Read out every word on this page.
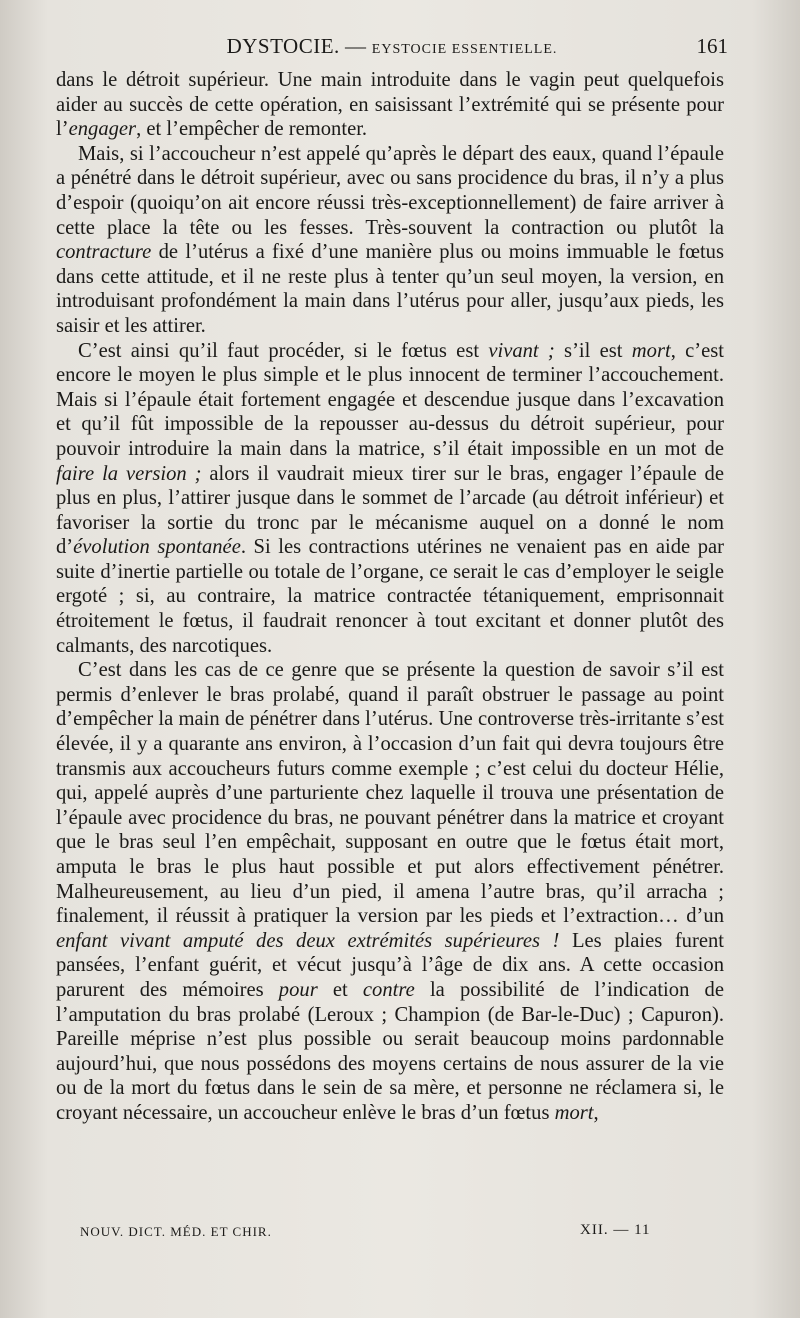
DYSTOCIE. — EYSTOCIE ESSENTIELLE.	161

dans le détroit supérieur. Une main introduite dans le vagin peut quelquefois aider au succès de cette opération, en saisissant l’extrémité qui se présente pour l’engager, et l’empêcher de remonter.

Mais, si l’accoucheur n’est appelé qu’après le départ des eaux, quand l’épaule a pénétré dans le détroit supérieur, avec ou sans procidence du bras, il n’y a plus d’espoir (quoiqu’on ait encore réussi très-exceptionnellement) de faire arriver à cette place la tête ou les fesses. Très-souvent la contraction ou plutôt la contracture de l’utérus a fixé d’une manière plus ou moins immuable le fœtus dans cette attitude, et il ne reste plus à tenter qu’un seul moyen, la version, en introduisant profondément la main dans l’utérus pour aller, jusqu’aux pieds, les saisir et les attirer.

C’est ainsi qu’il faut procéder, si le fœtus est vivant ; s’il est mort, c’est encore le moyen le plus simple et le plus innocent de terminer l’accouchement. Mais si l’épaule était fortement engagée et descendue jusque dans l’excavation et qu’il fût impossible de la repousser au-dessus du détroit supérieur, pour pouvoir introduire la main dans la matrice, s’il était impossible en un mot de faire la version ; alors il vaudrait mieux tirer sur le bras, engager l’épaule de plus en plus, l’attirer jusque dans le sommet de l’arcade (au détroit inférieur) et favoriser la sortie du tronc par le mécanisme auquel on a donné le nom d’évolution spontanée. Si les contractions utérines ne venaient pas en aide par suite d’inertie partielle ou totale de l’organe, ce serait le cas d’employer le seigle ergoté ; si, au contraire, la matrice contractée tétaniquement, emprisonnait étroitement le fœtus, il faudrait renoncer à tout excitant et donner plutôt des calmants, des narcotiques.

C’est dans les cas de ce genre que se présente la question de savoir s’il est permis d’enlever le bras prolabé, quand il paraît obstruer le passage au point d’empêcher la main de pénétrer dans l’utérus. Une controverse très-irritante s’est élevée, il y a quarante ans environ, à l’occasion d’un fait qui devra toujours être transmis aux accoucheurs futurs comme exemple ; c’est celui du docteur Hélie, qui, appelé auprès d’une parturiente chez laquelle il trouva une présentation de l’épaule avec procidence du bras, ne pouvant pénétrer dans la matrice et croyant que le bras seul l’en empêchait, supposant en outre que le fœtus était mort, amputa le bras le plus haut possible et put alors effectivement pénétrer. Malheureusement, au lieu d’un pied, il amena l’autre bras, qu’il arracha ; finalement, il réussit à pratiquer la version par les pieds et l’extraction… d’un enfant vivant amputé des deux extrémités supérieures ! Les plaies furent pansées, l’enfant guérit, et vécut jusqu’à l’âge de dix ans. A cette occasion parurent des mémoires pour et contre la possibilité de l’indication de l’amputation du bras prolabé (Leroux ; Champion (de Bar-le-Duc) ; Capuron). Pareille méprise n’est plus possible ou serait beaucoup moins pardonnable aujourd’hui, que nous possédons des moyens certains de nous assurer de la vie ou de la mort du fœtus dans le sein de sa mère, et personne ne réclamera si, le croyant nécessaire, un accoucheur enlève le bras d’un fœtus mort,

NOUV. DICT. MÉD. ET CHIR.	XII. — 11
